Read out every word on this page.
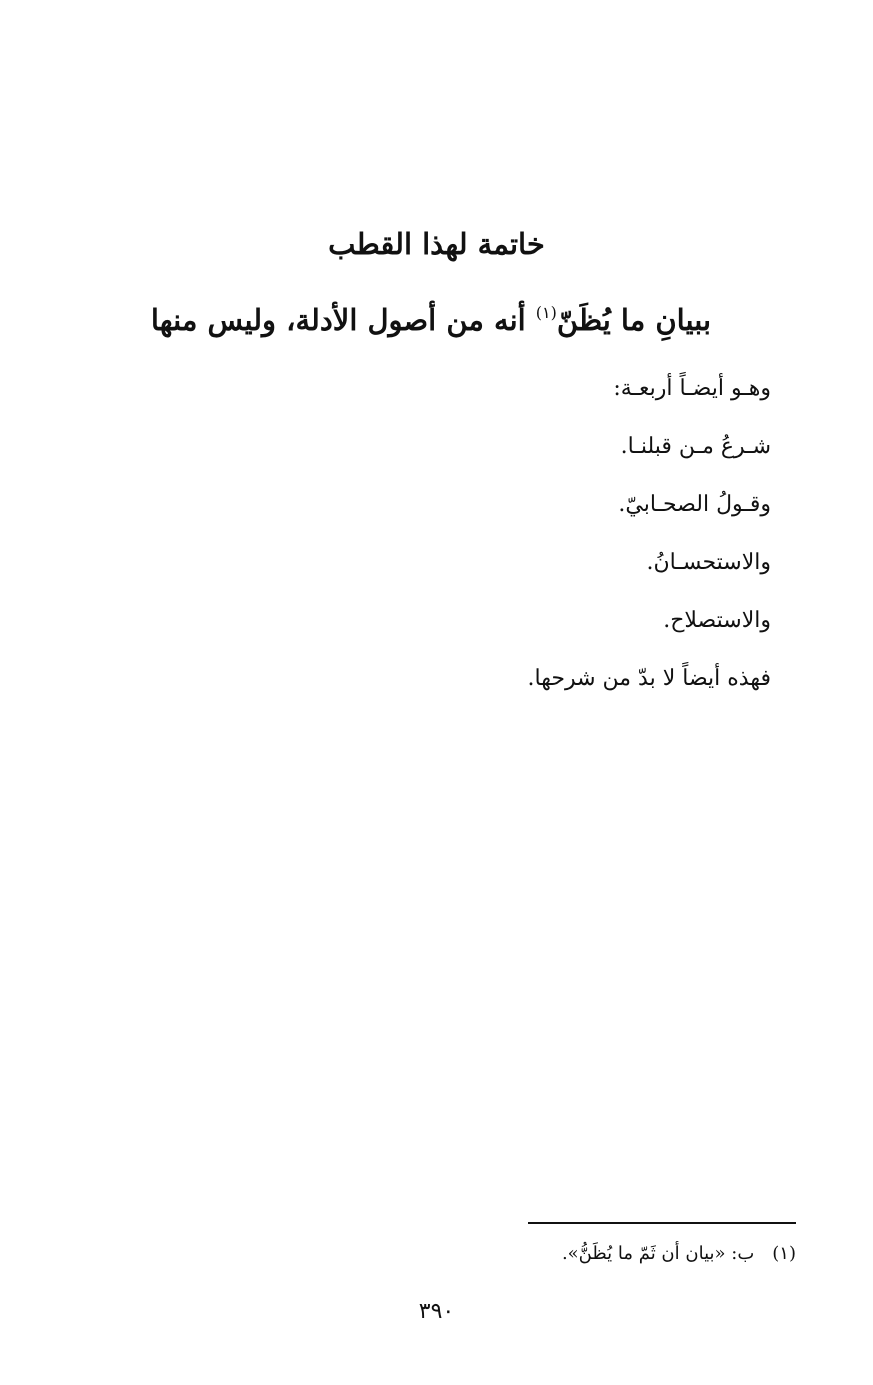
خاتمة لهذا القطب
ببيانِ ما يُظَنّ$^{(١)}$ أنه من أصول الأدلة، وليس منها
وهـو أيضـاً أربعـة:
شـرعُ مـن قبلنـا.
وقـولُ الصحـابيّ.
والاستحسـانُ.
والاستصلاح.
فهذه أيضاً لا بدّ من شرحها.
(١)ب: «بيان أن ثَمّ ما يُظَنُّ».
٣٩٠
